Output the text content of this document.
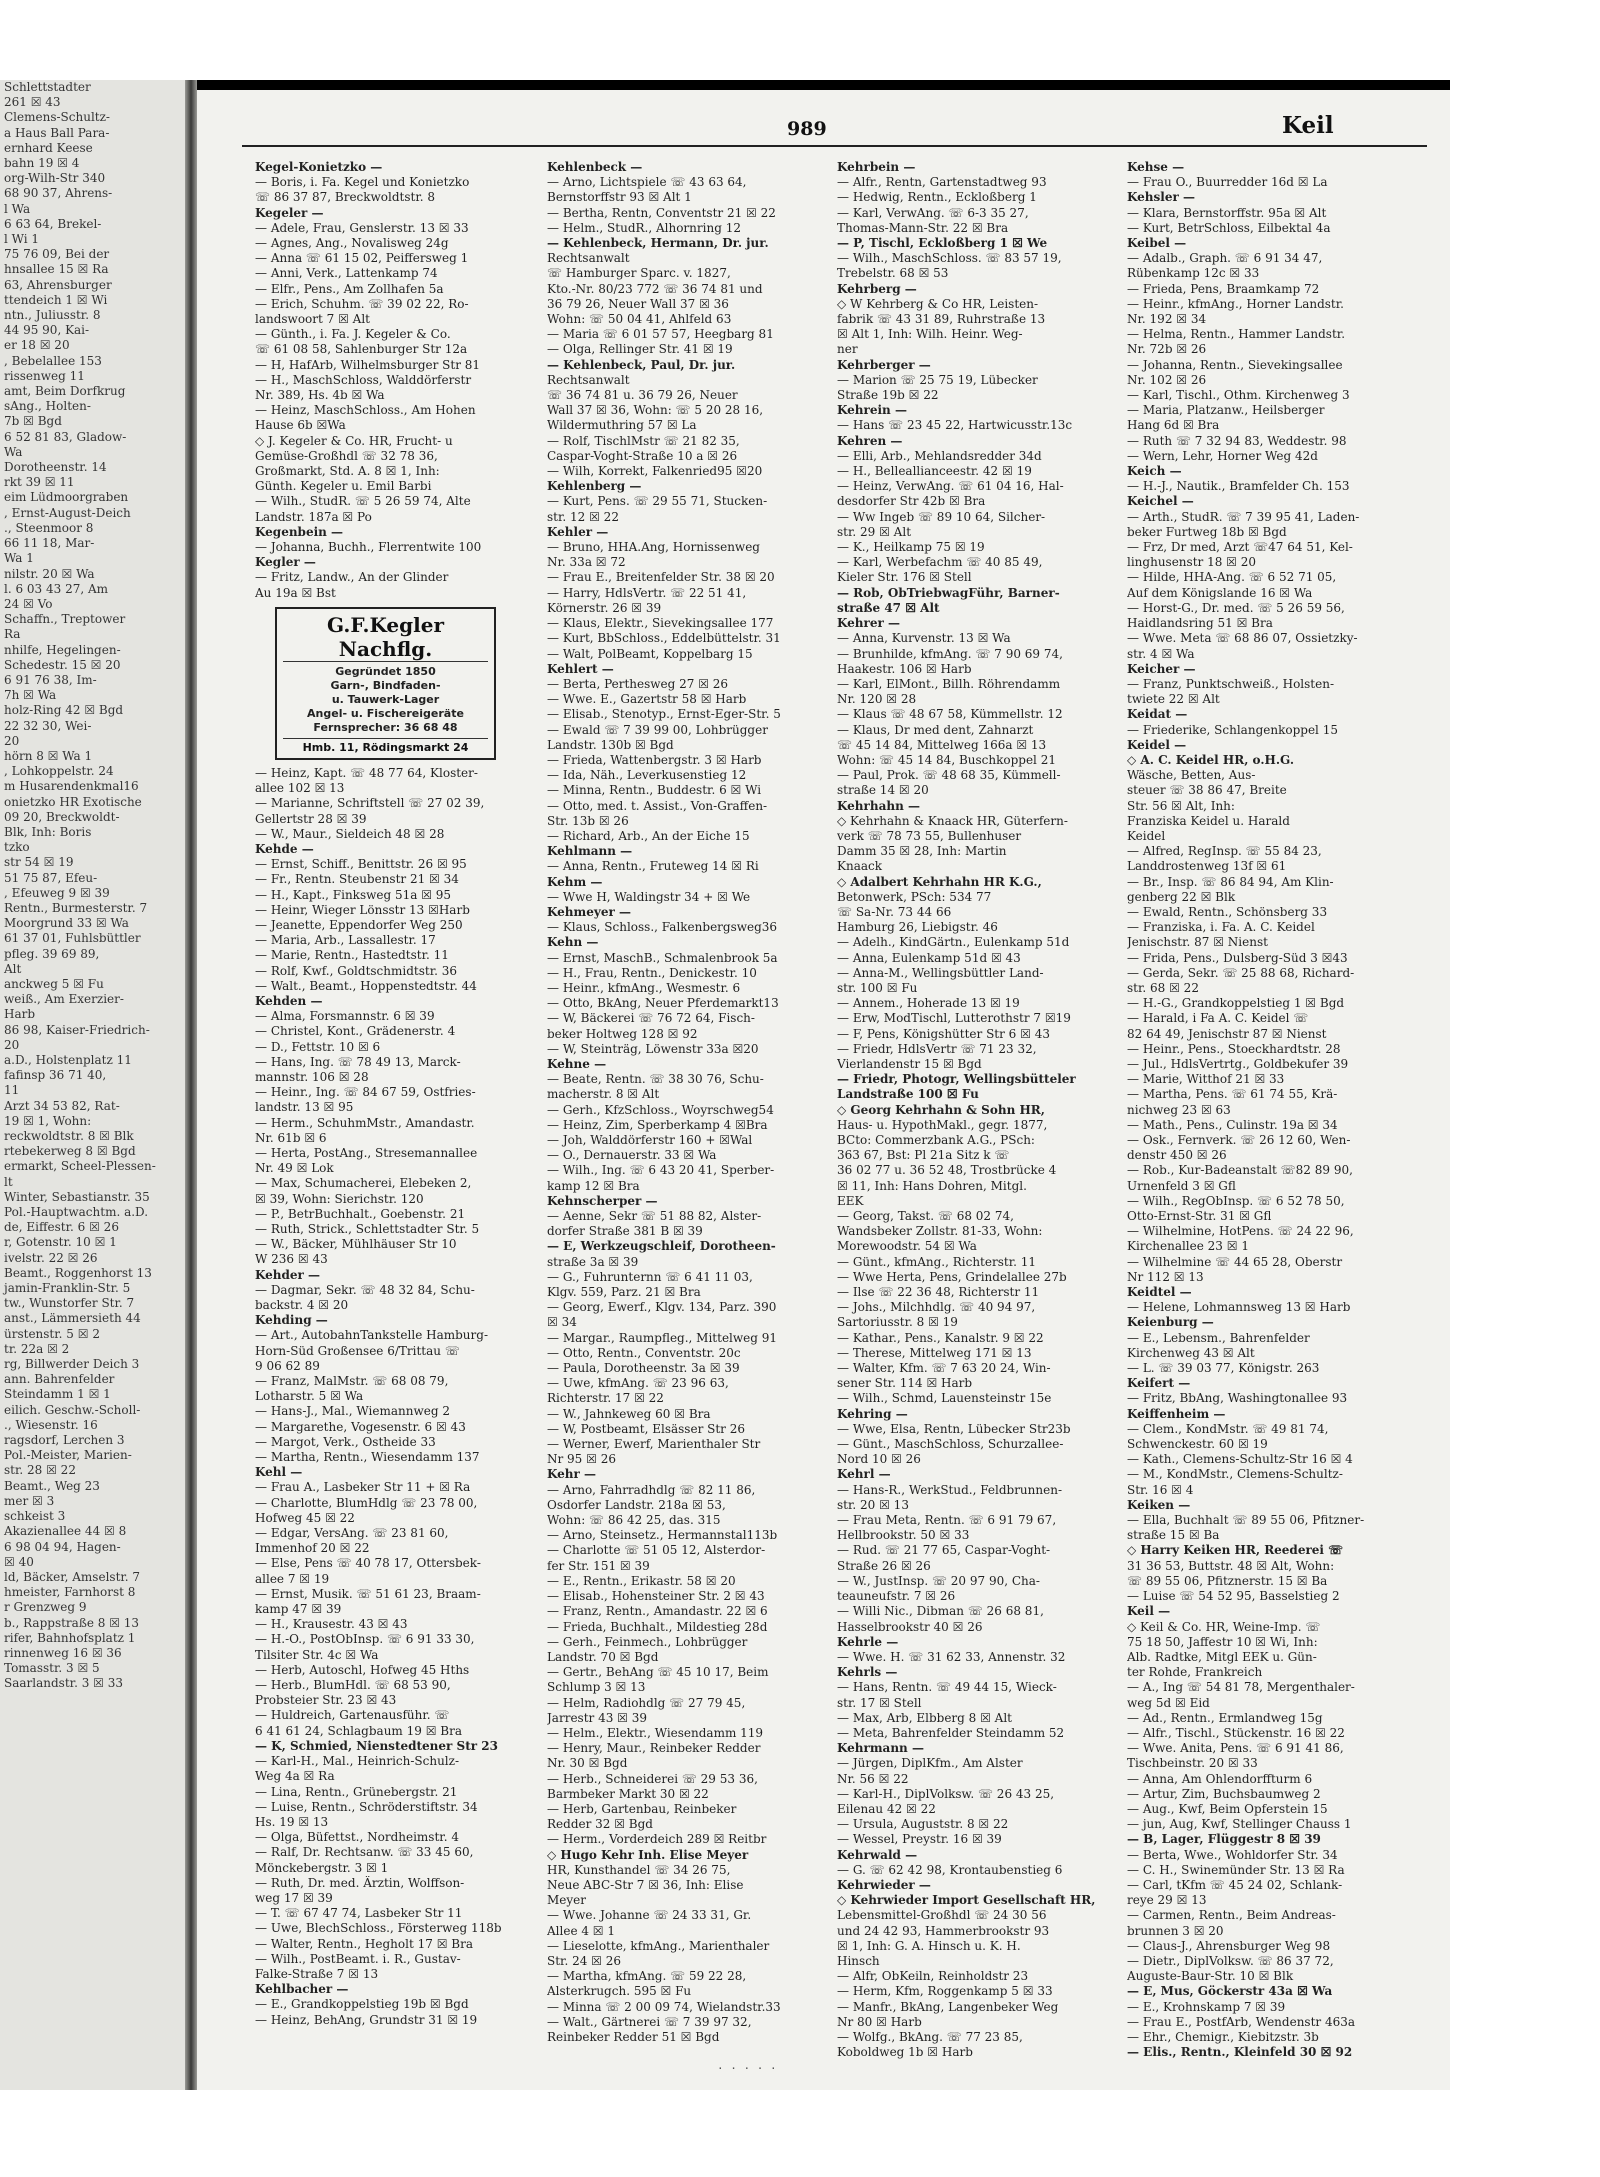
Schlettstadter
261 ☒ 43
Clemens-Schultz-
a Haus Ball Para-
ernhard Keese
bahn 19 ☒ 4
org-Wilh-Str 340
68 90 37, Ahrens-
l Wa
6 63 64, Brekel-
l Wi 1
75 76 09, Bei der
hnsallee 15 ☒ Ra
63, Ahrensburger
ttendeich 1 ☒ Wi
ntn., Juliusstr. 8
44 95 90, Kai-
er 18 ☒ 20
, Bebelallee 153
rissenweg 11
amt, Beim Dorfkrug
sAng., Holten-
7b ☒ Bgd
6 52 81 83, Gladow-
Wa
Dorotheenstr. 14
rkt 39 ☒ 11
eim Lüdmoorgraben
, Ernst-August-Deich
., Steenmoor 8
66 11 18, Mar-
Wa 1
nilstr. 20 ☒ Wa
l. 6 03 43 27, Am
24 ☒ Vo
Schaffn., Treptower
Ra
nhilfe, Hegelingen-
Schedestr. 15 ☒ 20
6 91 76 38, Im-
7h ☒ Wa
holz-Ring 42 ☒ Bgd
22 32 30, Wei-
20
hörn 8 ☒ Wa 1
, Lohkoppelstr. 24
m Husarendenkmal16
onietzko HR Exotische
09 20, Breckwoldt-
Blk, Inh: Boris
tzko
str 54 ☒ 19
51 75 87, Efeu-
, Efeuweg 9 ☒ 39
Rentn., Burmesterstr. 7
Moorgrund 33 ☒ Wa
61 37 01, Fuhlsbüttler
pfleg. 39 69 89,
Alt
anckweg 5 ☒ Fu
weiß., Am Exerzier-
Harb
86 98, Kaiser-Friedrich-
20
a.D., Holstenplatz 11
fafinsp 36 71 40,
11
Arzt 34 53 82, Rat-
19 ☒ 1, Wohn:
reckwoldtstr. 8 ☒ Blk
rtebekerweg 8 ☒ Bgd
ermarkt, Scheel-Plessen-
lt
Winter, Sebastianstr. 35
Pol.-Hauptwachtm. a.D.
de, Eiffestr. 6 ☒ 26
r, Gotenstr. 10 ☒ 1
ivelstr. 22 ☒ 26
Beamt., Roggenhorst 13
jamin-Franklin-Str. 5
tw., Wunstorfer Str. 7
anst., Lämmersieth 44
ürstenstr. 5 ☒ 2
tr. 22a ☒ 2
rg, Billwerder Deich 3
ann. Bahrenfelder
Steindamm 1 ☒ 1
eilich. Geschw.-Scholl-
., Wiesenstr. 16
ragsdorf, Lerchen 3
Pol.-Meister, Marien-
str. 28 ☒ 22
Beamt., Weg 23
mer ☒ 3
schkeist 3
Akazienallee 44 ☒ 8
6 98 04 94, Hagen-
☒ 40
ld, Bäcker, Amselstr. 7
hmeister, Farnhorst 8
r Grenzweg 9
b., Rappstraße 8 ☒ 13
rifer, Bahnhofsplatz 1
rinnenweg 16 ☒ 36
Tomasstr. 3 ☒ 5
Saarlandstr. 3 ☒ 33
989	Keil
Kegel-Konietzko —
— Boris, i. Fa. Kegel und Konietzko
☏ 86 37 87, Breckwoldtstr. 8
Kegeler —
— Adele, Frau, Genslerstr. 13 ☒ 33
— Agnes, Ang., Novalisweg 24g
— Anna ☏ 61 15 02, Peiffersweg 1
— Anni, Verk., Lattenkamp 74
— Elfr., Pens., Am Zollhafen 5a
— Erich, Schuhm. ☏ 39 02 22, Ro-
landswoort 7 ☒ Alt
— Günth., i. Fa. J. Kegeler & Co.
☏ 61 08 58, Sahlenburger Str 12a
— H, HafArb, Wilhelmsburger Str 81
— H., MaschSchloss, Walddörferstr
Nr. 389, Hs. 4b ☒ Wa
— Heinz, MaschSchloss., Am Hohen
Hause 6b ☒Wa
◇ J. Kegeler & Co. HR, Frucht- u
Gemüse-Großhdl ☏ 32 78 36,
Großmarkt, Std. A. 8 ☒ 1, Inh:
Günth. Kegeler u. Emil Barbi
— Wilh., StudR. ☏ 5 26 59 74, Alte
Landstr. 187a ☒ Po
Kegenbein —
— Johanna, Buchh., Flerrentwite 100
Kegler —
— Fritz, Landw., An der Glinder
Au 19a ☒ Bst
G.F.Kegler Nachflg.
Gegründet 1850
Garn-, Bindfaden-
u. Tauwerk-Lager
Angel- u. Fischereigeräte
Fernsprecher: 36 68 48
Hmb. 11, Rödingsmarkt 24
— Heinz, Kapt. ☏ 48 77 64, Kloster-
allee 102 ☒ 13
— Marianne, Schriftstell ☏ 27 02 39,
Gellertstr 28 ☒ 39
— W., Maur., Sieldeich 48 ☒ 28
Kehde —
— Ernst, Schiff., Benittstr. 26 ☒ 95
— Fr., Rentn. Steubenstr 21 ☒ 34
— H., Kapt., Finksweg 51a ☒ 95
— Heinr, Wieger Lönsstr 13 ☒Harb
— Jeanette, Eppendorfer Weg 250
— Maria, Arb., Lassallestr. 17
— Marie, Rentn., Hastedtstr. 11
— Rolf, Kwf., Goldtschmidtstr. 36
— Walt., Beamt., Hoppenstedtstr. 44
Kehden —
— Alma, Forsmannstr. 6 ☒ 39
— Christel, Kont., Grädenerstr. 4
— D., Fettstr. 10 ☒ 6
— Hans, Ing. ☏ 78 49 13, Marck-
mannstr. 106 ☒ 28
— Heinr., Ing. ☏ 84 67 59, Ostfries-
landstr. 13 ☒ 95
— Herm., SchuhmMstr., Amandastr.
Nr. 61b ☒ 6
— Herta, PostAng., Stresemannallee
Nr. 49 ☒ Lok
— Max, Schumacherei, Elebeken 2,
☒ 39, Wohn: Sierichstr. 120
— P., BetrBuchhalt., Goebenstr. 21
— Ruth, Strick., Schlettstadter Str. 5
— W., Bäcker, Mühlhäuser Str 10
W 236 ☒ 43
Kehder —
— Dagmar, Sekr. ☏ 48 32 84, Schu-
backstr. 4 ☒ 20
Kehding —
— Art., AutobahnTankstelle Hamburg-
Horn-Süd Großensee 6/Trittau ☏
9 06 62 89
— Franz, MalMstr. ☏ 68 08 79,
Lotharstr. 5 ☒ Wa
— Hans-J., Mal., Wiemannweg 2
— Margarethe, Vogesenstr. 6 ☒ 43
— Margot, Verk., Ostheide 33
— Martha, Rentn., Wiesendamm 137
Kehl —
— Frau A., Lasbeker Str 11 + ☒ Ra
— Charlotte, BlumHdlg ☏ 23 78 00,
Hofweg 45 ☒ 22
— Edgar, VersAng. ☏ 23 81 60,
Immenhof 20 ☒ 22
— Else, Pens ☏ 40 78 17, Ottersbek-
allee 7 ☒ 19
— Ernst, Musik. ☏ 51 61 23, Braam-
kamp 47 ☒ 39
— H., Krausestr. 43 ☒ 43
— H.-O., PostObInsp. ☏ 6 91 33 30,
Tilsiter Str. 4c ☒ Wa
— Herb, Autoschl, Hofweg 45 Hths
— Herb., BlumHdl. ☏ 68 53 90,
Probsteier Str. 23 ☒ 43
— Huldreich, Gartenausführ. ☏
6 41 61 24, Schlagbaum 19 ☒ Bra
— K, Schmied, Nienstedtener Str 23
— Karl-H., Mal., Heinrich-Schulz-
Weg 4a ☒ Ra
— Lina, Rentn., Grünebergstr. 21
— Luise, Rentn., Schröderstiftstr. 34
Hs. 19 ☒ 13
— Olga, Büfettst., Nordheimstr. 4
— Ralf, Dr. Rechtsanw. ☏ 33 45 60,
Mönckebergstr. 3 ☒ 1
— Ruth, Dr. med. Ärztin, Wolffson-
weg 17 ☒ 39
— T. ☏ 67 47 74, Lasbeker Str 11
— Uwe, BlechSchloss., Försterweg 118b
— Walter, Rentn., Hegholt 17 ☒ Bra
— Wilh., PostBeamt. i. R., Gustav-
Falke-Straße 7 ☒ 13
Kehlbacher —
— E., Grandkoppelstieg 19b ☒ Bgd
— Heinz, BehAng, Grundstr 31 ☒ 19
Kehlenbeck —
— Arno, Lichtspiele ☏ 43 63 64,
Bernstorffstr 93 ☒ Alt 1
— Bertha, Rentn, Conventstr 21 ☒ 22
— Helm., StudR., Alhornring 12
— Kehlenbeck, Hermann, Dr. jur.
Rechtsanwalt
☏ Hamburger Sparc. v. 1827,
Kto.-Nr. 80/23 772 ☏ 36 74 81 und
36 79 26, Neuer Wall 37 ☒ 36
Wohn: ☏ 50 04 41, Ahlfeld 63
— Maria ☏ 6 01 57 57, Heegbarg 81
— Olga, Rellinger Str. 41 ☒ 19
— Kehlenbeck, Paul, Dr. jur.
Rechtsanwalt
☏ 36 74 81 u. 36 79 26, Neuer
Wall 37 ☒ 36, Wohn: ☏ 5 20 28 16,
Wildermuthring 57 ☒ La
— Rolf, TischlMstr ☏ 21 82 35,
Caspar-Voght-Straße 10 a ☒ 26
— Wilh, Korrekt, Falkenried95 ☒20
Kehlenberg —
— Kurt, Pens. ☏ 29 55 71, Stucken-
str. 12 ☒ 22
Kehler —
— Bruno, HHA.Ang, Hornissenweg
Nr. 33a ☒ 72
— Frau E., Breitenfelder Str. 38 ☒ 20
— Harry, HdlsVertr. ☏ 22 51 41,
Körnerstr. 26 ☒ 39
— Klaus, Elektr., Sievekingsallee 177
— Kurt, BbSchloss., Eddelbüttelstr. 31
— Walt, PolBeamt, Koppelbarg 15
Kehlert —
— Berta, Perthesweg 27 ☒ 26
— Wwe. E., Gazertstr 58 ☒ Harb
— Elisab., Stenotyp., Ernst-Eger-Str. 5
— Ewald ☏ 7 39 99 00, Lohbrügger
Landstr. 130b ☒ Bgd
— Frieda, Wattenbergstr. 3 ☒ Harb
— Ida, Näh., Leverkusenstieg 12
— Minna, Rentn., Buddestr. 6 ☒ Wi
— Otto, med. t. Assist., Von-Graffen-
Str. 13b ☒ 26
— Richard, Arb., An der Eiche 15
Kehlmann —
— Anna, Rentn., Fruteweg 14 ☒ Ri
Kehm —
— Wwe H, Waldingstr 34 + ☒ We
Kehmeyer —
— Klaus, Schloss., Falkenbergsweg36
Kehn —
— Ernst, MaschB., Schmalenbrook 5a
— H., Frau, Rentn., Denickestr. 10
— Heinr., kfmAng., Wesmestr. 6
— Otto, BkAng, Neuer Pferdemarkt13
— W, Bäckerei ☏ 76 72 64, Fisch-
beker Holtweg 128 ☒ 92
— W, Steinträg, Löwenstr 33a ☒20
Kehne —
— Beate, Rentn. ☏ 38 30 76, Schu-
macherstr. 8 ☒ Alt
— Gerh., KfzSchloss., Woyrschweg54
— Heinz, Zim, Sperberkamp 4 ☒Bra
— Joh, Walddörferstr 160 + ☒Wal
— O., Dernauerstr. 33 ☒ Wa
— Wilh., Ing. ☏ 6 43 20 41, Sperber-
kamp 12 ☒ Bra
Kehnscherper —
— Aenne, Sekr ☏ 51 88 82, Alster-
dorfer Straße 381 B ☒ 39
— E, Werkzeugschleif, Dorotheen-
straße 3a ☒ 39
— G., Fuhrunternn ☏ 6 41 11 03,
Klgv. 559, Parz. 21 ☒ Bra
— Georg, Ewerf., Klgv. 134, Parz. 390
☒ 34
— Margar., Raumpfleg., Mittelweg 91
— Otto, Rentn., Conventstr. 20c
— Paula, Dorotheenstr. 3a ☒ 39
— Uwe, kfmAng. ☏ 23 96 63,
Richterstr. 17 ☒ 22
— W., Jahnkeweg 60 ☒ Bra
— W, Postbeamt, Elsässer Str 26
— Werner, Ewerf, Marienthaler Str
Nr 95 ☒ 26
Kehr —
— Arno, Fahrradhdlg ☏ 82 11 86,
Osdorfer Landstr. 218a ☒ 53,
Wohn: ☏ 86 42 25, das. 315
— Arno, Steinsetz., Hermannstal113b
— Charlotte ☏ 51 05 12, Alsterdor-
fer Str. 151 ☒ 39
— E., Rentn., Erikastr. 58 ☒ 20
— Elisab., Hohensteiner Str. 2 ☒ 43
— Franz, Rentn., Amandastr. 22 ☒ 6
— Frieda, Buchhalt., Mildestieg 28d
— Gerh., Feinmech., Lohbrügger
Landstr. 70 ☒ Bgd
— Gertr., BehAng ☏ 45 10 17, Beim
Schlump 3 ☒ 13
— Helm, Radiohdlg ☏ 27 79 45,
Jarrestr 43 ☒ 39
— Helm., Elektr., Wiesendamm 119
— Henry, Maur., Reinbeker Redder
Nr. 30 ☒ Bgd
— Herb., Schneiderei ☏ 29 53 36,
Barmbeker Markt 30 ☒ 22
— Herb, Gartenbau, Reinbeker
Redder 32 ☒ Bgd
— Herm., Vorderdeich 289 ☒ Reitbr
◇ Hugo Kehr Inh. Elise Meyer
HR, Kunsthandel ☏ 34 26 75,
Neue ABC-Str 7 ☒ 36, Inh: Elise
Meyer
— Wwe. Johanne ☏ 24 33 31, Gr.
Allee 4 ☒ 1
— Lieselotte, kfmAng., Marienthaler
Str. 24 ☒ 26
— Martha, kfmAng. ☏ 59 22 28,
Alsterkrugch. 595 ☒ Fu
— Minna ☏ 2 00 09 74, Wielandstr.33
— Walt., Gärtnerei ☏ 7 39 97 32,
Reinbeker Redder 51 ☒ Bgd
Kehrbein —
— Alfr., Rentn, Gartenstadtweg 93
— Hedwig, Rentn., Eckloßberg 1
— Karl, VerwAng. ☏ 6-3 35 27,
Thomas-Mann-Str. 22 ☒ Bra
— P, Tischl, Eckloßberg 1 ☒ We
— Wilh., MaschSchloss. ☏ 83 57 19,
Trebelstr. 68 ☒ 53
Kehrberg —
◇ W Kehrberg & Co HR, Leisten-
fabrik ☏ 43 31 89, Ruhrstraße 13
☒ Alt 1, Inh: Wilh. Heinr. Weg-
ner
Kehrberger —
— Marion ☏ 25 75 19, Lübecker
Straße 19b ☒ 22
Kehrein —
— Hans ☏ 23 45 22, Hartwicusstr.13c
Kehren —
— Elli, Arb., Mehlandsredder 34d
— H., Belleallianceestr. 42 ☒ 19
— Heinz, VerwAng. ☏ 61 04 16, Hal-
desdorfer Str 42b ☒ Bra
— Ww Ingeb ☏ 89 10 64, Silcher-
str. 29 ☒ Alt
— K., Heilkamp 75 ☒ 19
— Karl, Werbefachm ☏ 40 85 49,
Kieler Str. 176 ☒ Stell
— Rob, ObTriebwagFühr, Barner-
straße 47 ☒ Alt
Kehrer —
— Anna, Kurvenstr. 13 ☒ Wa
— Brunhilde, kfmAng. ☏ 7 90 69 74,
Haakestr. 106 ☒ Harb
— Karl, ElMont., Billh. Röhrendamm
Nr. 120 ☒ 28
— Klaus ☏ 48 67 58, Kümmellstr. 12
— Klaus, Dr med dent, Zahnarzt
☏ 45 14 84, Mittelweg 166a ☒ 13
Wohn: ☏ 45 14 84, Buschkoppel 21
— Paul, Prok. ☏ 48 68 35, Kümmell-
straße 14 ☒ 20
Kehrhahn —
◇ Kehrhahn & Knaack HR, Güterfern-
verk ☏ 78 73 55, Bullenhuser
Damm 35 ☒ 28, Inh: Martin
Knaack
◇ Adalbert Kehrhahn HR K.G.,
Betonwerk, PSch: 534 77
☏ Sa-Nr. 73 44 66
Hamburg 26, Liebigstr. 46
— Adelh., KindGärtn., Eulenkamp 51d
— Anna, Eulenkamp 51d ☒ 43
— Anna-M., Wellingsbüttler Land-
str. 100 ☒ Fu
— Annem., Hoherade 13 ☒ 19
— Erw, ModTischl, Lutterothstr 7 ☒19
— F, Pens, Königshütter Str 6 ☒ 43
— Friedr, HdlsVertr ☏ 71 23 32,
Vierlandenstr 15 ☒ Bgd
— Friedr, Photogr, Wellingsbütteler
Landstraße 100 ☒ Fu
◇ Georg Kehrhahn & Sohn HR,
Haus- u. HypothMakl., gegr. 1877,
BCto: Commerzbank A.G., PSch:
363 67, Bst: Pl 21a Sitz k ☏
36 02 77 u. 36 52 48, Trostbrücke 4
☒ 11, Inh: Hans Dohren, Mitgl.
EEK
— Georg, Takst. ☏ 68 02 74,
Wandsbeker Zollstr. 81-33, Wohn:
Morewoodstr. 54 ☒ Wa
— Günt., kfmAng., Richterstr. 11
— Wwe Herta, Pens, Grindelallee 27b
— Ilse ☏ 22 36 48, Richterstr 11
— Johs., Milchhdlg. ☏ 40 94 97,
Sartoriusstr. 8 ☒ 19
— Kathar., Pens., Kanalstr. 9 ☒ 22
— Therese, Mittelweg 171 ☒ 13
— Walter, Kfm. ☏ 7 63 20 24, Win-
sener Str. 114 ☒ Harb
— Wilh., Schmd, Lauensteinstr 15e
Kehring —
— Wwe, Elsa, Rentn, Lübecker Str23b
— Günt., MaschSchloss, Schurzallee-
Nord 10 ☒ 26
Kehrl —
— Hans-R., WerkStud., Feldbrunnen-
str. 20 ☒ 13
— Frau Meta, Rentn. ☏ 6 91 79 67,
Hellbrookstr. 50 ☒ 33
— Rud. ☏ 21 77 65, Caspar-Voght-
Straße 26 ☒ 26
— W., JustInsp. ☏ 20 97 90, Cha-
teauneufstr. 7 ☒ 26
— Willi Nic., Dibman ☏ 26 68 81,
Hasselbrookstr 40 ☒ 26
Kehrle —
— Wwe. H. ☏ 31 62 33, Annenstr. 32
Kehrls —
— Hans, Rentn. ☏ 49 44 15, Wieck-
str. 17 ☒ Stell
— Max, Arb, Elbberg 8 ☒ Alt
— Meta, Bahrenfelder Steindamm 52
Kehrmann —
— Jürgen, DiplKfm., Am Alster
Nr. 56 ☒ 22
— Karl-H., DiplVolksw. ☏ 26 43 25,
Eilenau 42 ☒ 22
— Ursula, Auguststr. 8 ☒ 22
— Wessel, Preystr. 16 ☒ 39
Kehrwald —
— G. ☏ 62 42 98, Krontaubenstieg 6
Kehrwieder —
◇ Kehrwieder Import Gesellschaft HR,
Lebensmittel-Großhdl ☏ 24 30 56
und 24 42 93, Hammerbrookstr 93
☒ 1, Inh: G. A. Hinsch u. K. H.
Hinsch
— Alfr, ObKeiln, Reinholdstr 23
— Herm, Kfm, Roggenkamp 5 ☒ 33
— Manfr., BkAng, Langenbeker Weg
Nr 80 ☒ Harb
— Wolfg., BkAng. ☏ 77 23 85,
Koboldweg 1b ☒ Harb
Kehse —
— Frau O., Buurredder 16d ☒ La
Kehsler —
— Klara, Bernstorffstr. 95a ☒ Alt
— Kurt, BetrSchloss, Eilbektal 4a
Keibel —
— Adalb., Graph. ☏ 6 91 34 47,
Rübenkamp 12c ☒ 33
— Frieda, Pens, Braamkamp 72
— Heinr., kfmAng., Horner Landstr.
Nr. 192 ☒ 34
— Helma, Rentn., Hammer Landstr.
Nr. 72b ☒ 26
— Johanna, Rentn., Sievekingsallee
Nr. 102 ☒ 26
— Karl, Tischl., Othm. Kirchenweg 3
— Maria, Platzanw., Heilsberger
Hang 6d ☒ Bra
— Ruth ☏ 7 32 94 83, Weddestr. 98
— Wern, Lehr, Horner Weg 42d
Keich —
— H.-J., Nautik., Bramfelder Ch. 153
Keichel —
— Arth., StudR. ☏ 7 39 95 41, Laden-
beker Furtweg 18b ☒ Bgd
— Frz, Dr med, Arzt ☏47 64 51, Kel-
linghusenstr 18 ☒ 20
— Hilde, HHA-Ang. ☏ 6 52 71 05,
Auf dem Königslande 16 ☒ Wa
— Horst-G., Dr. med. ☏ 5 26 59 56,
Haidlandsring 51 ☒ Bra
— Wwe. Meta ☏ 68 86 07, Ossietzky-
str. 4 ☒ Wa
Keicher —
— Franz, Punktschweiß., Holsten-
twiete 22 ☒ Alt
Keidat —
— Friederike, Schlangenkoppel 15
Keidel —
◇ A. C. Keidel HR, o.H.G.
Wäsche, Betten, Aus-
steuer ☏ 38 86 47, Breite
Str. 56 ☒ Alt, Inh:
Franziska Keidel u. Harald
Keidel
— Alfred, RegInsp. ☏ 55 84 23,
Landdrostenweg 13f ☒ 61
— Br., Insp. ☏ 86 84 94, Am Klin-
genberg 22 ☒ Blk
— Ewald, Rentn., Schönsberg 33
— Franziska, i. Fa. A. C. Keidel
Jenischstr. 87 ☒ Nienst
— Frida, Pens., Dulsberg-Süd 3 ☒43
— Gerda, Sekr. ☏ 25 88 68, Richard-
str. 68 ☒ 22
— H.-G., Grandkoppelstieg 1 ☒ Bgd
— Harald, i Fa A. C. Keidel ☏
82 64 49, Jenischstr 87 ☒ Nienst
— Heinr., Pens., Stoeckhardtstr. 28
— Jul., HdlsVertrtg., Goldbekufer 39
— Marie, Witthof 21 ☒ 33
— Martha, Pens. ☏ 61 74 55, Krä-
nichweg 23 ☒ 63
— Math., Pens., Culinstr. 19a ☒ 34
— Osk., Fernverk. ☏ 26 12 60, Wen-
denstr 450 ☒ 26
— Rob., Kur-Badeanstalt ☏82 89 90,
Urnenfeld 3 ☒ Gfl
— Wilh., RegObInsp. ☏ 6 52 78 50,
Otto-Ernst-Str. 31 ☒ Gfl
— Wilhelmine, HotPens. ☏ 24 22 96,
Kirchenallee 23 ☒ 1
— Wilhelmine ☏ 44 65 28, Oberstr
Nr 112 ☒ 13
Keidtel —
— Helene, Lohmannsweg 13 ☒ Harb
Keienburg —
— E., Lebensm., Bahrenfelder
Kirchenweg 43 ☒ Alt
— L. ☏ 39 03 77, Königstr. 263
Keifert —
— Fritz, BbAng, Washingtonallee 93
Keiffenheim —
— Clem., KondMstr. ☏ 49 81 74,
Schwenckestr. 60 ☒ 19
— Kath., Clemens-Schultz-Str 16 ☒ 4
— M., KondMstr., Clemens-Schultz-
Str. 16 ☒ 4
Keiken —
— Ella, Buchhalt ☏ 89 55 06, Pfitzner-
straße 15 ☒ Ba
◇ Harry Keiken HR, Reederei ☏
31 36 53, Buttstr. 48 ☒ Alt, Wohn:
☏ 89 55 06, Pfitznerstr. 15 ☒ Ba
— Luise ☏ 54 52 95, Basselstieg 2
Keil —
◇ Keil & Co. HR, Weine-Imp. ☏
75 18 50, Jaffestr 10 ☒ Wi, Inh:
Alb. Radtke, Mitgl EEK u. Gün-
ter Rohde, Frankreich
— A., Ing ☏ 54 81 78, Mergenthaler-
weg 5d ☒ Eid
— Ad., Rentn., Ermlandweg 15g
— Alfr., Tischl., Stückenstr. 16 ☒ 22
— Wwe. Anita, Pens. ☏ 6 91 41 86,
Tischbeinstr. 20 ☒ 33
— Anna, Am Ohlendorffturm 6
— Artur, Zim, Buchsbaumweg 2
— Aug., Kwf, Beim Opferstein 15
— jun, Aug, Kwf, Stellinger Chauss 1
— B, Lager, Flüggestr 8 ☒ 39
— Berta, Wwe., Wohldorfer Str. 34
— C. H., Swinemünder Str. 13 ☒ Ra
— Carl, tKfm ☏ 45 24 02, Schlank-
reye 29 ☒ 13
— Carmen, Rentn., Beim Andreas-
brunnen 3 ☒ 20
— Claus-J., Ahrensburger Weg 98
— Dietr., DiplVolksw. ☏ 86 37 72,
Auguste-Baur-Str. 10 ☒ Blk
— E, Mus, Göckerstr 43a ☒ Wa
— E., Krohnskamp 7 ☒ 39
— Frau E., PostfArb, Wendenstr 463a
— Ehr., Chemigr., Kiebitzstr. 3b
— Elis., Rentn., Kleinfeld 30 ☒ 92
· · · · ·
